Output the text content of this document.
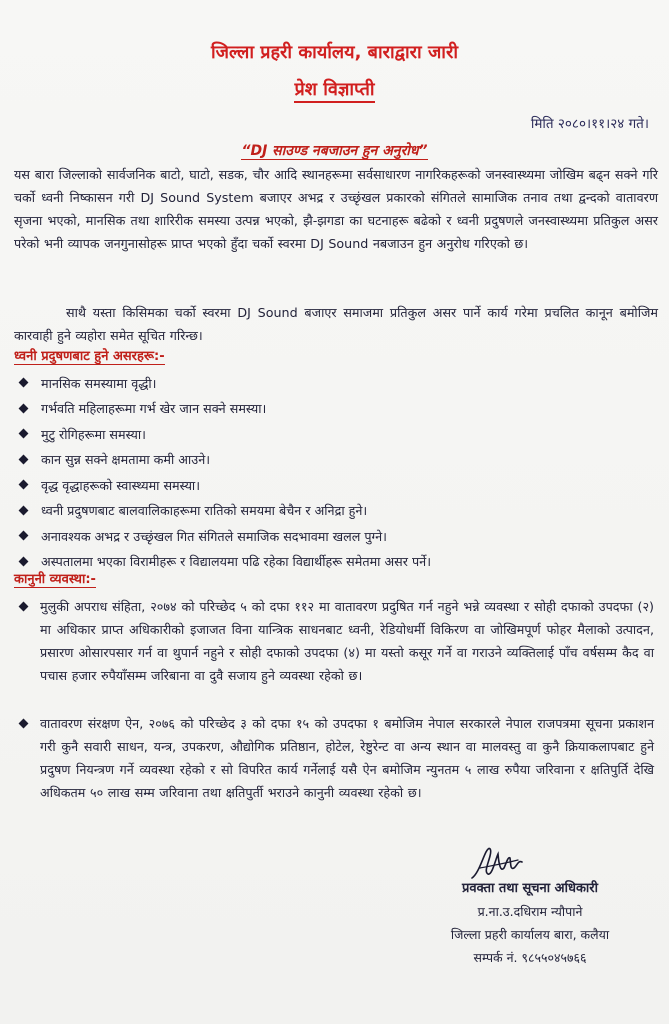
जिल्ला प्रहरी कार्यालय, बाराद्वारा जारी
प्रेश विज्ञाप्ती
मिति २०८०।११।२४ गते।
“DJ साउण्ड नबजाउन हुन अनुरोध”
यस बारा जिल्लाको सार्वजनिक बाटो, घाटो, सडक, चौर आदि स्थानहरूमा सर्वसाधारण नागरिकहरूको जनस्वास्थ्यमा जोखिम बढ्न सक्ने गरि चर्को ध्वनी निष्कासन गरी DJ Sound System बजाएर अभद्र र उच्छृंखल प्रकारको संगितले सामाजिक तनाव तथा द्वन्दको वातावरण सृजना भएको, मानसिक तथा शारिरीक समस्या उत्पन्न भएको, झै-झगडा का घटनाहरू बढेको र ध्वनी प्रदुषणले जनस्वास्थ्यमा प्रतिकुल असर परेको भनी व्यापक जनगुनासोहरू प्राप्त भएको हुँदा चर्को स्वरमा DJ Sound नबजाउन हुन अनुरोध गरिएको छ।
साथै यस्ता किसिमका चर्को स्वरमा DJ Sound बजाएर समाजमा प्रतिकुल असर पार्ने कार्य गरेमा प्रचलित कानून बमोजिम कारवाही हुने व्यहोरा समेत सूचित गरिन्छ।
ध्वनी प्रदुषणबाट हुने असरहरू:-
मानसिक समस्यामा वृद्धी।
गर्भवति महिलाहरूमा गर्भ खेर जान सक्ने समस्या।
मुटु रोगिहरूमा समस्या।
कान सुन्न सक्ने क्षमतामा कमी आउने।
वृद्ध वृद्धाहरूको स्वास्थ्यमा समस्या।
ध्वनी प्रदुषणबाट बालवालिकाहरूमा रातिको समयमा बेचैन र अनिद्रा हुने।
अनावश्यक अभद्र र उच्छृंखल गित संगितले समाजिक सदभावमा खलल पुग्ने।
अस्पतालमा भएका विरामीहरू र विद्यालयमा पढि रहेका विद्यार्थीहरू समेतमा असर पर्ने।
कानुनी व्यवस्था:-
मुलुकी अपराध संहिता, २०७४ को परिच्छेद ५ को दफा ११२ मा वातावरण प्रदुषित गर्न नहुने भन्ने व्यवस्था र सोही दफाको उपदफा (२) मा अधिकार प्राप्त अधिकारीको इजाजत विना यान्त्रिक साधनबाट ध्वनी, रेडियोधर्मी विकिरण वा जोखिमपूर्ण फोहर मैलाको उत्पादन, प्रसारण ओसारपसार गर्न वा थुपार्न नहुने र सोही दफाको उपदफा (४) मा यस्तो कसूर गर्ने वा गराउने व्यक्तिलाई पाँच वर्षसम्म कैद वा पचास हजार रुपैयाँसम्म जरिबाना वा दुवै सजाय हुने व्यवस्था रहेको छ।
वातावरण संरक्षण ऐन, २०७६ को परिच्छेद ३ को दफा १५ को उपदफा १ बमोजिम नेपाल सरकारले नेपाल राजपत्रमा सूचना प्रकाशन गरी कुनै सवारी साधन, यन्त्र, उपकरण, औद्योगिक प्रतिष्ठान, होटेल, रेष्टुरेन्ट वा अन्य स्थान वा मालवस्तु वा कुनै क्रियाकलापबाट हुने प्रदुषण नियन्त्रण गर्ने व्यवस्था रहेको र सो विपरित कार्य गर्नेलाई यसै ऐन बमोजिम न्युनतम ५ लाख रुपैया जरिवाना र क्षतिपुर्ति देखि अधिकतम ५० लाख सम्म जरिवाना तथा क्षतिपुर्ती भराउने कानुनी व्यवस्था रहेको छ।
प्रवक्ता तथा सूचना अधिकारी
प्र.ना.उ.दधिराम न्यौपाने
जिल्ला प्रहरी कार्यालय बारा, कलैया
सम्पर्क नं. ९८५५०४५७६६
